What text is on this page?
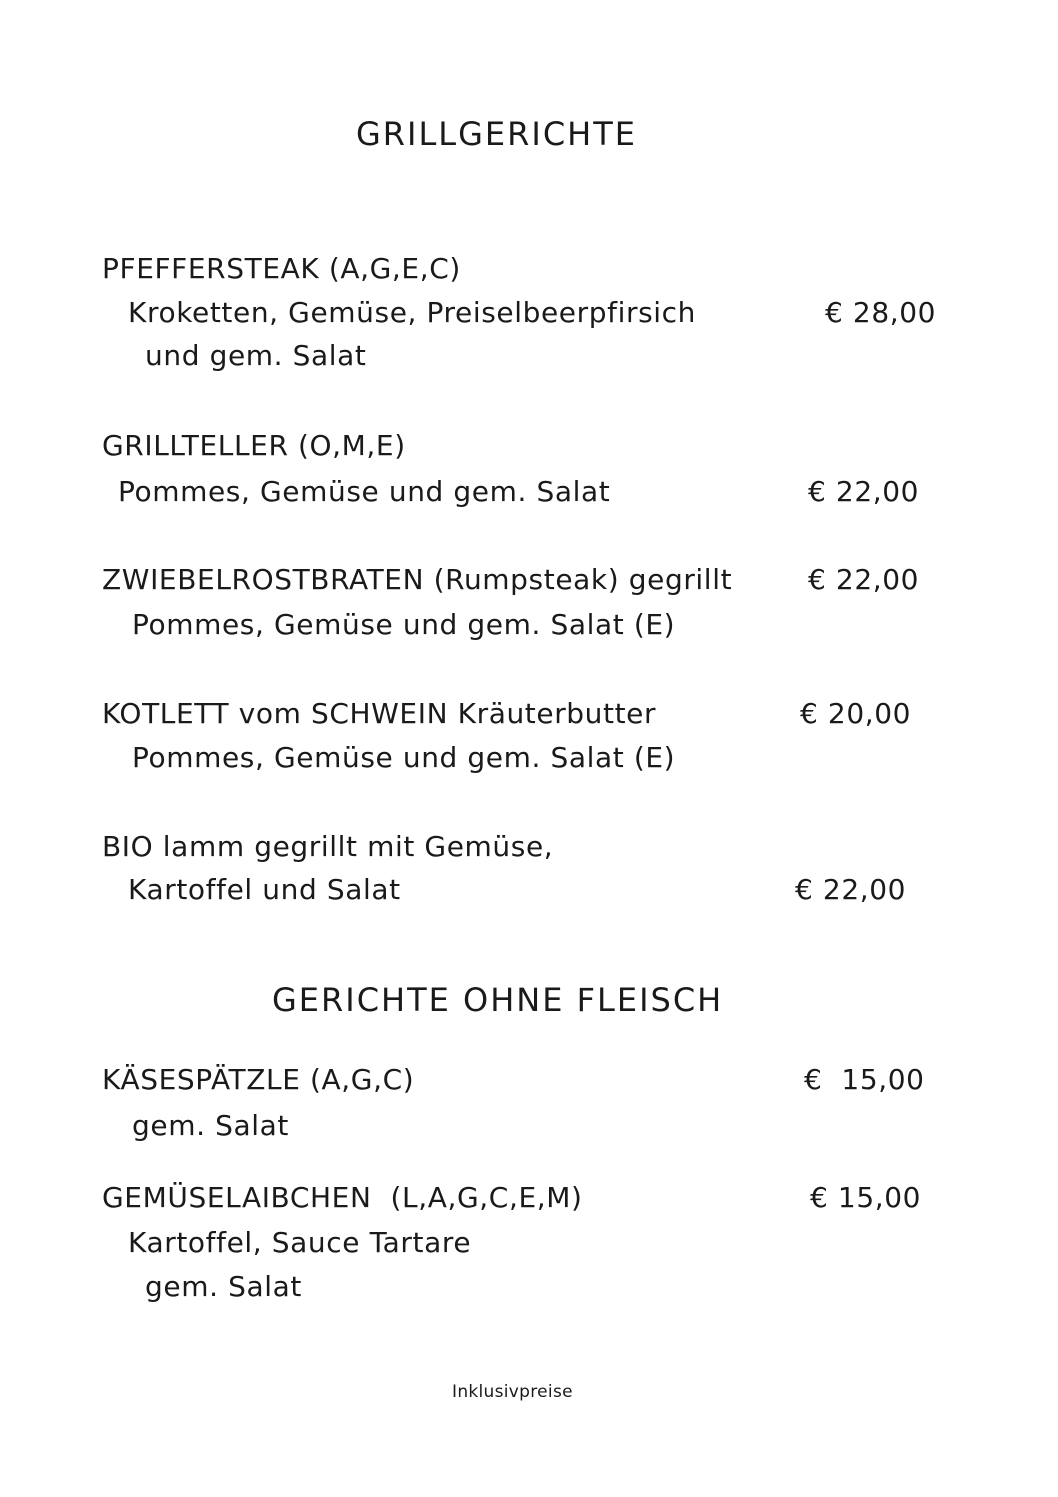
GRILLGERICHTE
PFEFFERSTEAK (A,G,E,C)
Kroketten, Gemüse, Preiselbeerpfirsich
und gem. Salat
€ 28,00
GRILLTELLER (O,M,E)
Pommes, Gemüse und gem. Salat	€ 22,00
ZWIEBELROSTBRATEN (Rumpsteak) gegrillt	€ 22,00
Pommes, Gemüse und gem. Salat (E)
KOTLETT vom SCHWEIN Kräuterbutter	€ 20,00
Pommes, Gemüse und gem. Salat (E)
BIO lamm gegrillt mit Gemüse,
Kartoffel und Salat	€ 22,00
GERICHTE OHNE FLEISCH
KÄSESPÄTZLE (A,G,C)	€  15,00
gem. Salat
GEMÜSELAIBCHEN  (L,A,G,C,E,M)	€ 15,00
Kartoffel, Sauce Tartare
gem. Salat
Inklusivpreise
